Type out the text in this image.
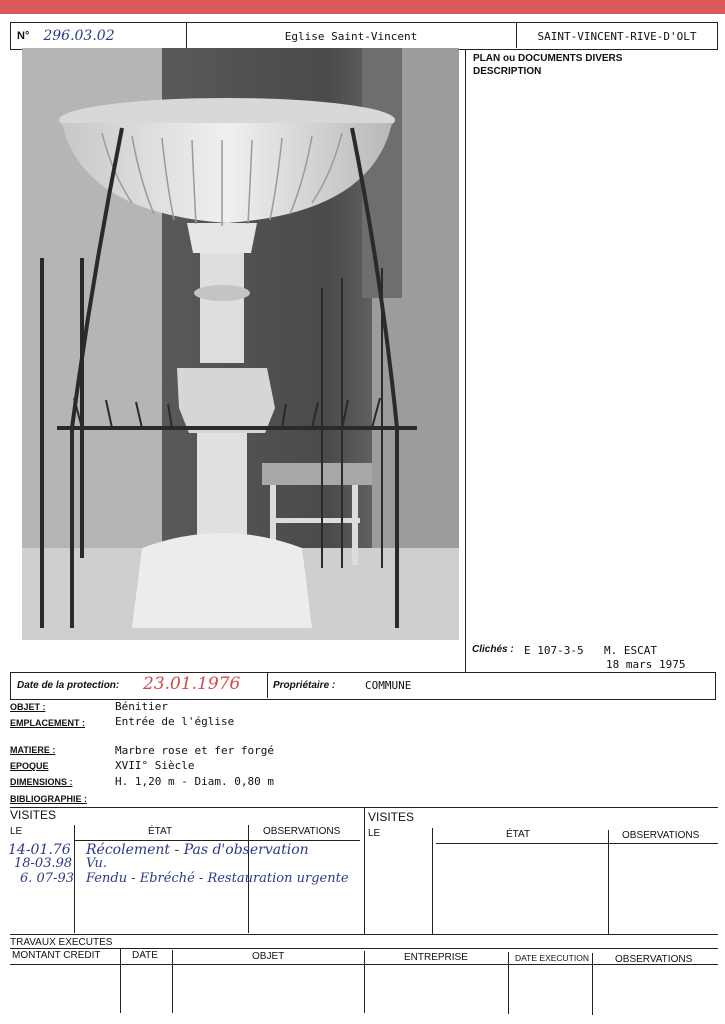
N° 296.03.02	Eglise Saint-Vincent	SAINT-VINCENT-RIVE-D'OLT
PLAN ou DOCUMENTS DIVERS
DESCRIPTION
Clichés : E 107-3-5 M. ESCAT
18 mars 1975
Date de la protection: 23.01.1976	Propriétaire :	COMMUNE
OBJET :	Bénitier
EMPLACEMENT :	Entrée de l'église
MATIERE :	Marbre rose et fer forgé
EPOQUE	XVII° Siècle
DIMENSIONS :	H. 1,20 m - Diam. 0,80 m
BIBLIOGRAPHIE :
VISITES	VISITES
LE	ÉTAT	OBSERVATIONS	LE	ÉTAT	OBSERVATIONS
14-01.76 Récolement - Pas d'observation
18-03.98 Vu.
6. 07-93 Fendu - Ebréché - Restauration urgente
TRAVAUX EXECUTES
MONTANT CREDIT	DATE	OBJET	ENTREPRISE	DATE EXECUTION	OBSERVATIONS
